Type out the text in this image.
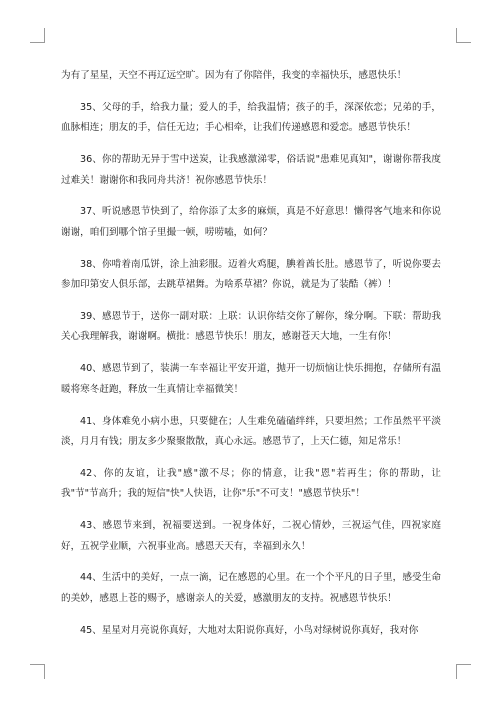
为有了星星，天空不再辽远空旷。因为有了你陪伴，我变的幸福快乐，感恩快乐！

35、父母的手，给我力量；爱人的手，给我温情；孩子的手，深深依恋；兄弟的手，血脉相连；朋友的手，信任无边；手心相牵，让我们传递感恩和爱恋。感恩节快乐！

36、你的帮助无异于雪中送炭，让我感激涕零，俗话说"患难见真知"，谢谢你帮我度过难关！谢谢你和我同舟共济！祝你感恩节快乐！

37、听说感恩节快到了，给你添了太多的麻烦，真是不好意思！懒得客气地来和你说谢谢，咱们到哪个馆子里撮一顿，唠唠嗑，如何？

38、你啃着南瓜饼，涂上油彩服。迈着火鸡腿，腆着酋长肚。感恩节了，听说你要去参加印第安人俱乐部，去跳草裙舞。为啥系草裙？你说，就是为了装酷（裤）！

39、感恩节于，送你一副对联：上联：认识你结交你了解你，缘分啊。下联：帮助我关心我理解我，谢谢啊。横批：感恩节快乐！朋友，感谢苍天大地，一生有你！

40、感恩节到了，装满一车幸福让平安开道，抛开一切烦恼让快乐拥抱，存储所有温暖将寒冬赶跑，释放一生真情让幸福微笑！

41、身体难免小病小患，只要健在；人生难免磕磕绊绊，只要坦然；工作虽然平平淡淡，月月有钱；朋友多少聚聚散散，真心永远。感恩节了，上天仁德，知足常乐！

42、你的友谊，让我"感"激不尽；你的情意，让我"恩"若再生；你的帮助，让我"节"节高升；我的短信"快"人快语，让你"乐"不可支！"感恩节快乐"！

43、感恩节来到，祝福要送到。一祝身体好，二祝心情妙，三祝运气佳，四祝家庭好，五祝学业顺，六祝事业高。感恩天天有，幸福到永久！

44、生活中的美好，一点一滴，记在感恩的心里。在一个个平凡的日子里，感受生命的美妙，感恩上苍的赐予，感谢亲人的关爱，感激朋友的支持。祝感恩节快乐！

45、星星对月亮说你真好，大地对太阳说你真好，小鸟对绿树说你真好，我对你
